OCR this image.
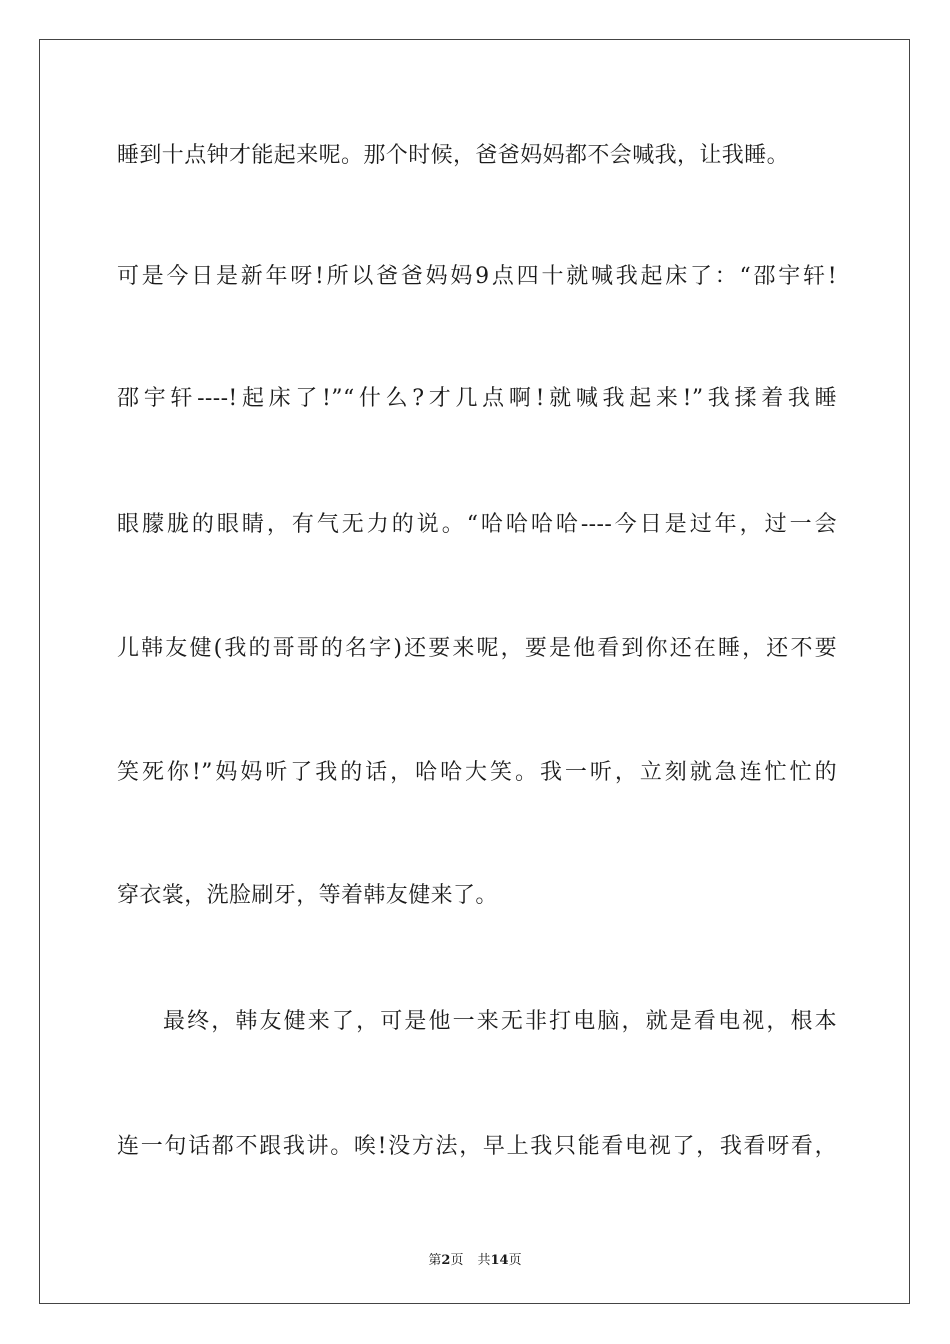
睡到十点钟才能起来呢。那个时候，爸爸妈妈都不会喊我，让我睡。
可是今日是新年呀!所以爸爸妈妈9点四十就喊我起床了：“邵宇轩!
邵宇轩----!起床了!”“什么?才几点啊!就喊我起来!”我揉着我睡
眼朦胧的眼睛，有气无力的说。“哈哈哈哈----今日是过年，过一会
儿韩友健(我的哥哥的名字)还要来呢，要是他看到你还在睡，还不要
笑死你!”妈妈听了我的话，哈哈大笑。我一听，立刻就急连忙忙的
穿衣裳，洗脸刷牙，等着韩友健来了。
最终，韩友健来了，可是他一来无非打电脑，就是看电视，根本
连一句话都不跟我讲。唉!没方法，早上我只能看电视了，我看呀看，
第2页 共14页
